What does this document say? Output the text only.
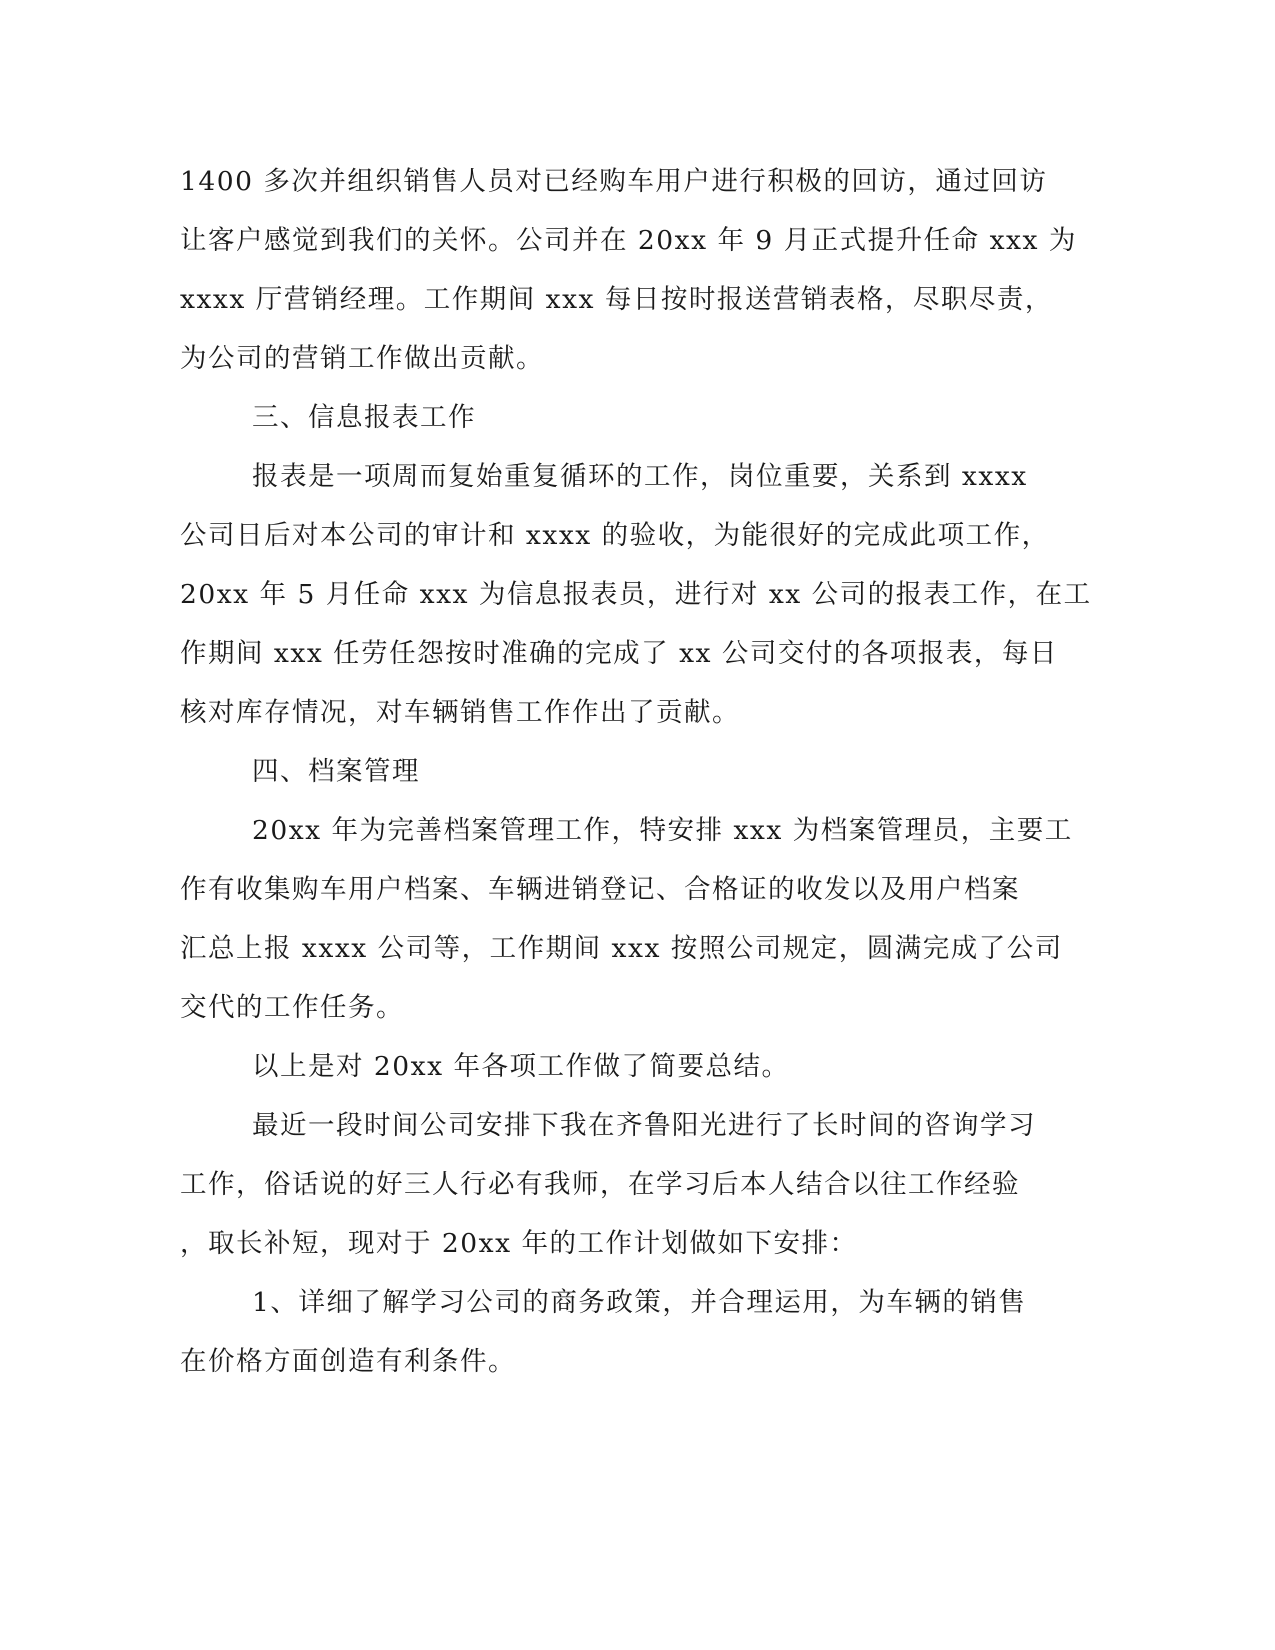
1400 多次并组织销售人员对已经购车用户进行积极的回访，通过回访
让客户感觉到我们的关怀。公司并在 20xx 年 9 月正式提升任命 xxx 为
xxxx 厅营销经理。工作期间 xxx 每日按时报送营销表格，尽职尽责，
为公司的营销工作做出贡献。
三、信息报表工作
报表是一项周而复始重复循环的工作，岗位重要，关系到 xxxx
公司日后对本公司的审计和 xxxx 的验收，为能很好的完成此项工作，
20xx 年 5 月任命 xxx 为信息报表员，进行对 xx 公司的报表工作，在工
作期间 xxx 任劳任怨按时准确的完成了 xx 公司交付的各项报表，每日
核对库存情况，对车辆销售工作作出了贡献。
四、档案管理
20xx 年为完善档案管理工作，特安排 xxx 为档案管理员，主要工
作有收集购车用户档案、车辆进销登记、合格证的收发以及用户档案
汇总上报 xxxx 公司等，工作期间 xxx 按照公司规定，圆满完成了公司
交代的工作任务。
以上是对 20xx 年各项工作做了简要总结。
最近一段时间公司安排下我在齐鲁阳光进行了长时间的咨询学习
工作，俗话说的好三人行必有我师，在学习后本人结合以往工作经验
，取长补短，现对于 20xx 年的工作计划做如下安排：
1、详细了解学习公司的商务政策，并合理运用，为车辆的销售
在价格方面创造有利条件。
